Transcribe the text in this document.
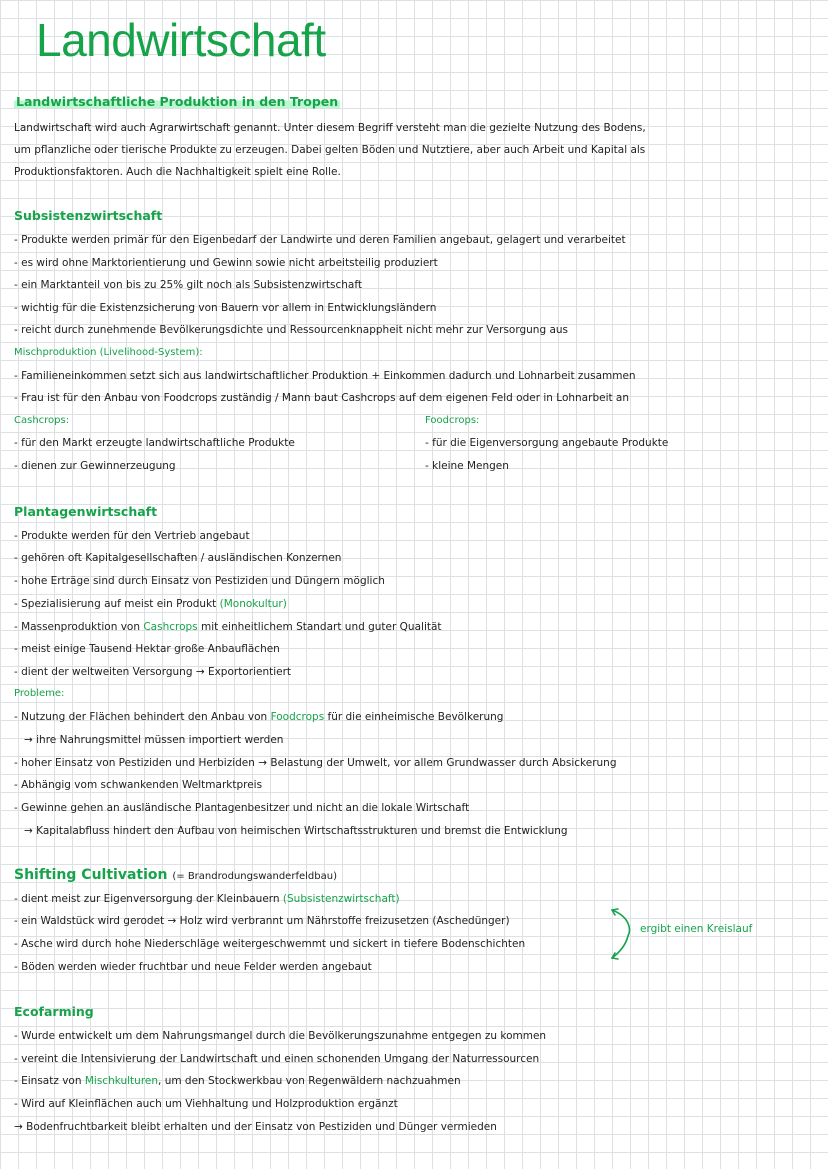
Landwirtschaft
Landwirtschaftliche Produktion in den Tropen
Landwirtschaft wird auch Agrarwirtschaft genannt. Unter diesem Begriff versteht man die gezielte Nutzung des Bodens,
um pflanzliche oder tierische Produkte zu erzeugen. Dabei gelten Böden und Nutztiere, aber auch Arbeit und Kapital als
Produktionsfaktoren. Auch die Nachhaltigkeit spielt eine Rolle.
Subsistenzwirtschaft
- Produkte werden primär für den Eigenbedarf der Landwirte und deren Familien angebaut, gelagert und verarbeitet
- es wird ohne Marktorientierung und Gewinn sowie nicht arbeitsteilig produziert
- ein Marktanteil von bis zu 25% gilt noch als Subsistenzwirtschaft
- wichtig für die Existenzsicherung von Bauern vor allem in Entwicklungsländern
- reicht durch zunehmende Bevölkerungsdichte und Ressourcenknappheit nicht mehr zur Versorgung aus
Mischproduktion (Livelihood-System):
- Familieneinkommen setzt sich aus landwirtschaftlicher Produktion + Einkommen dadurch und Lohnarbeit zusammen
- Frau ist für den Anbau von Foodcrops zuständig / Mann baut Cashcrops auf dem eigenen Feld oder in Lohnarbeit an
Cashcrops:
- für den Markt erzeugte landwirtschaftliche Produkte
- dienen zur Gewinnerzeugung
Foodcrops:
- für die Eigenversorgung angebaute Produkte
- kleine Mengen
Plantagenwirtschaft
- Produkte werden für den Vertrieb angebaut
- gehören oft Kapitalgesellschaften / ausländischen Konzernen
- hohe Erträge sind durch Einsatz von Pestiziden und Düngern möglich
- Spezialisierung auf meist ein Produkt (Monokultur)
- Massenproduktion von Cashcrops mit einheitlichem Standart und guter Qualität
- meist einige Tausend Hektar große Anbauflächen
- dient der weltweiten Versorgung → Exportorientiert
Probleme:
- Nutzung der Flächen behindert den Anbau von Foodcrops für die einheimische Bevölkerung
→ ihre Nahrungsmittel müssen importiert werden
- hoher Einsatz von Pestiziden und Herbiziden → Belastung der Umwelt, vor allem Grundwasser durch Absickerung
- Abhängig vom schwankenden Weltmarktpreis
- Gewinne gehen an ausländische Plantagenbesitzer und nicht an die lokale Wirtschaft
→ Kapitalabfluss hindert den Aufbau von heimischen Wirtschaftsstrukturen und bremst die Entwicklung
Shifting Cultivation (= Brandrodungswanderfeldbau)
- dient meist zur Eigenversorgung der Kleinbauern (Subsistenzwirtschaft)
- ein Waldstück wird gerodet → Holz wird verbrannt um Nährstoffe freizusetzen (Aschedünger)
- Asche wird durch hohe Niederschläge weitergeschwemmt und sickert in tiefere Bodenschichten
- Böden werden wieder fruchtbar und neue Felder werden angebaut
ergibt einen Kreislauf
Ecofarming
- Wurde entwickelt um dem Nahrungsmangel durch die Bevölkerungszunahme entgegen zu kommen
- vereint die Intensivierung der Landwirtschaft und einen schonenden Umgang der Naturressourcen
- Einsatz von Mischkulturen, um den Stockwerkbau von Regenwäldern nachzuahmen
- Wird auf Kleinflächen auch um Viehhaltung und Holzproduktion ergänzt
→ Bodenfruchtbarkeit bleibt erhalten und der Einsatz von Pestiziden und Dünger vermieden
